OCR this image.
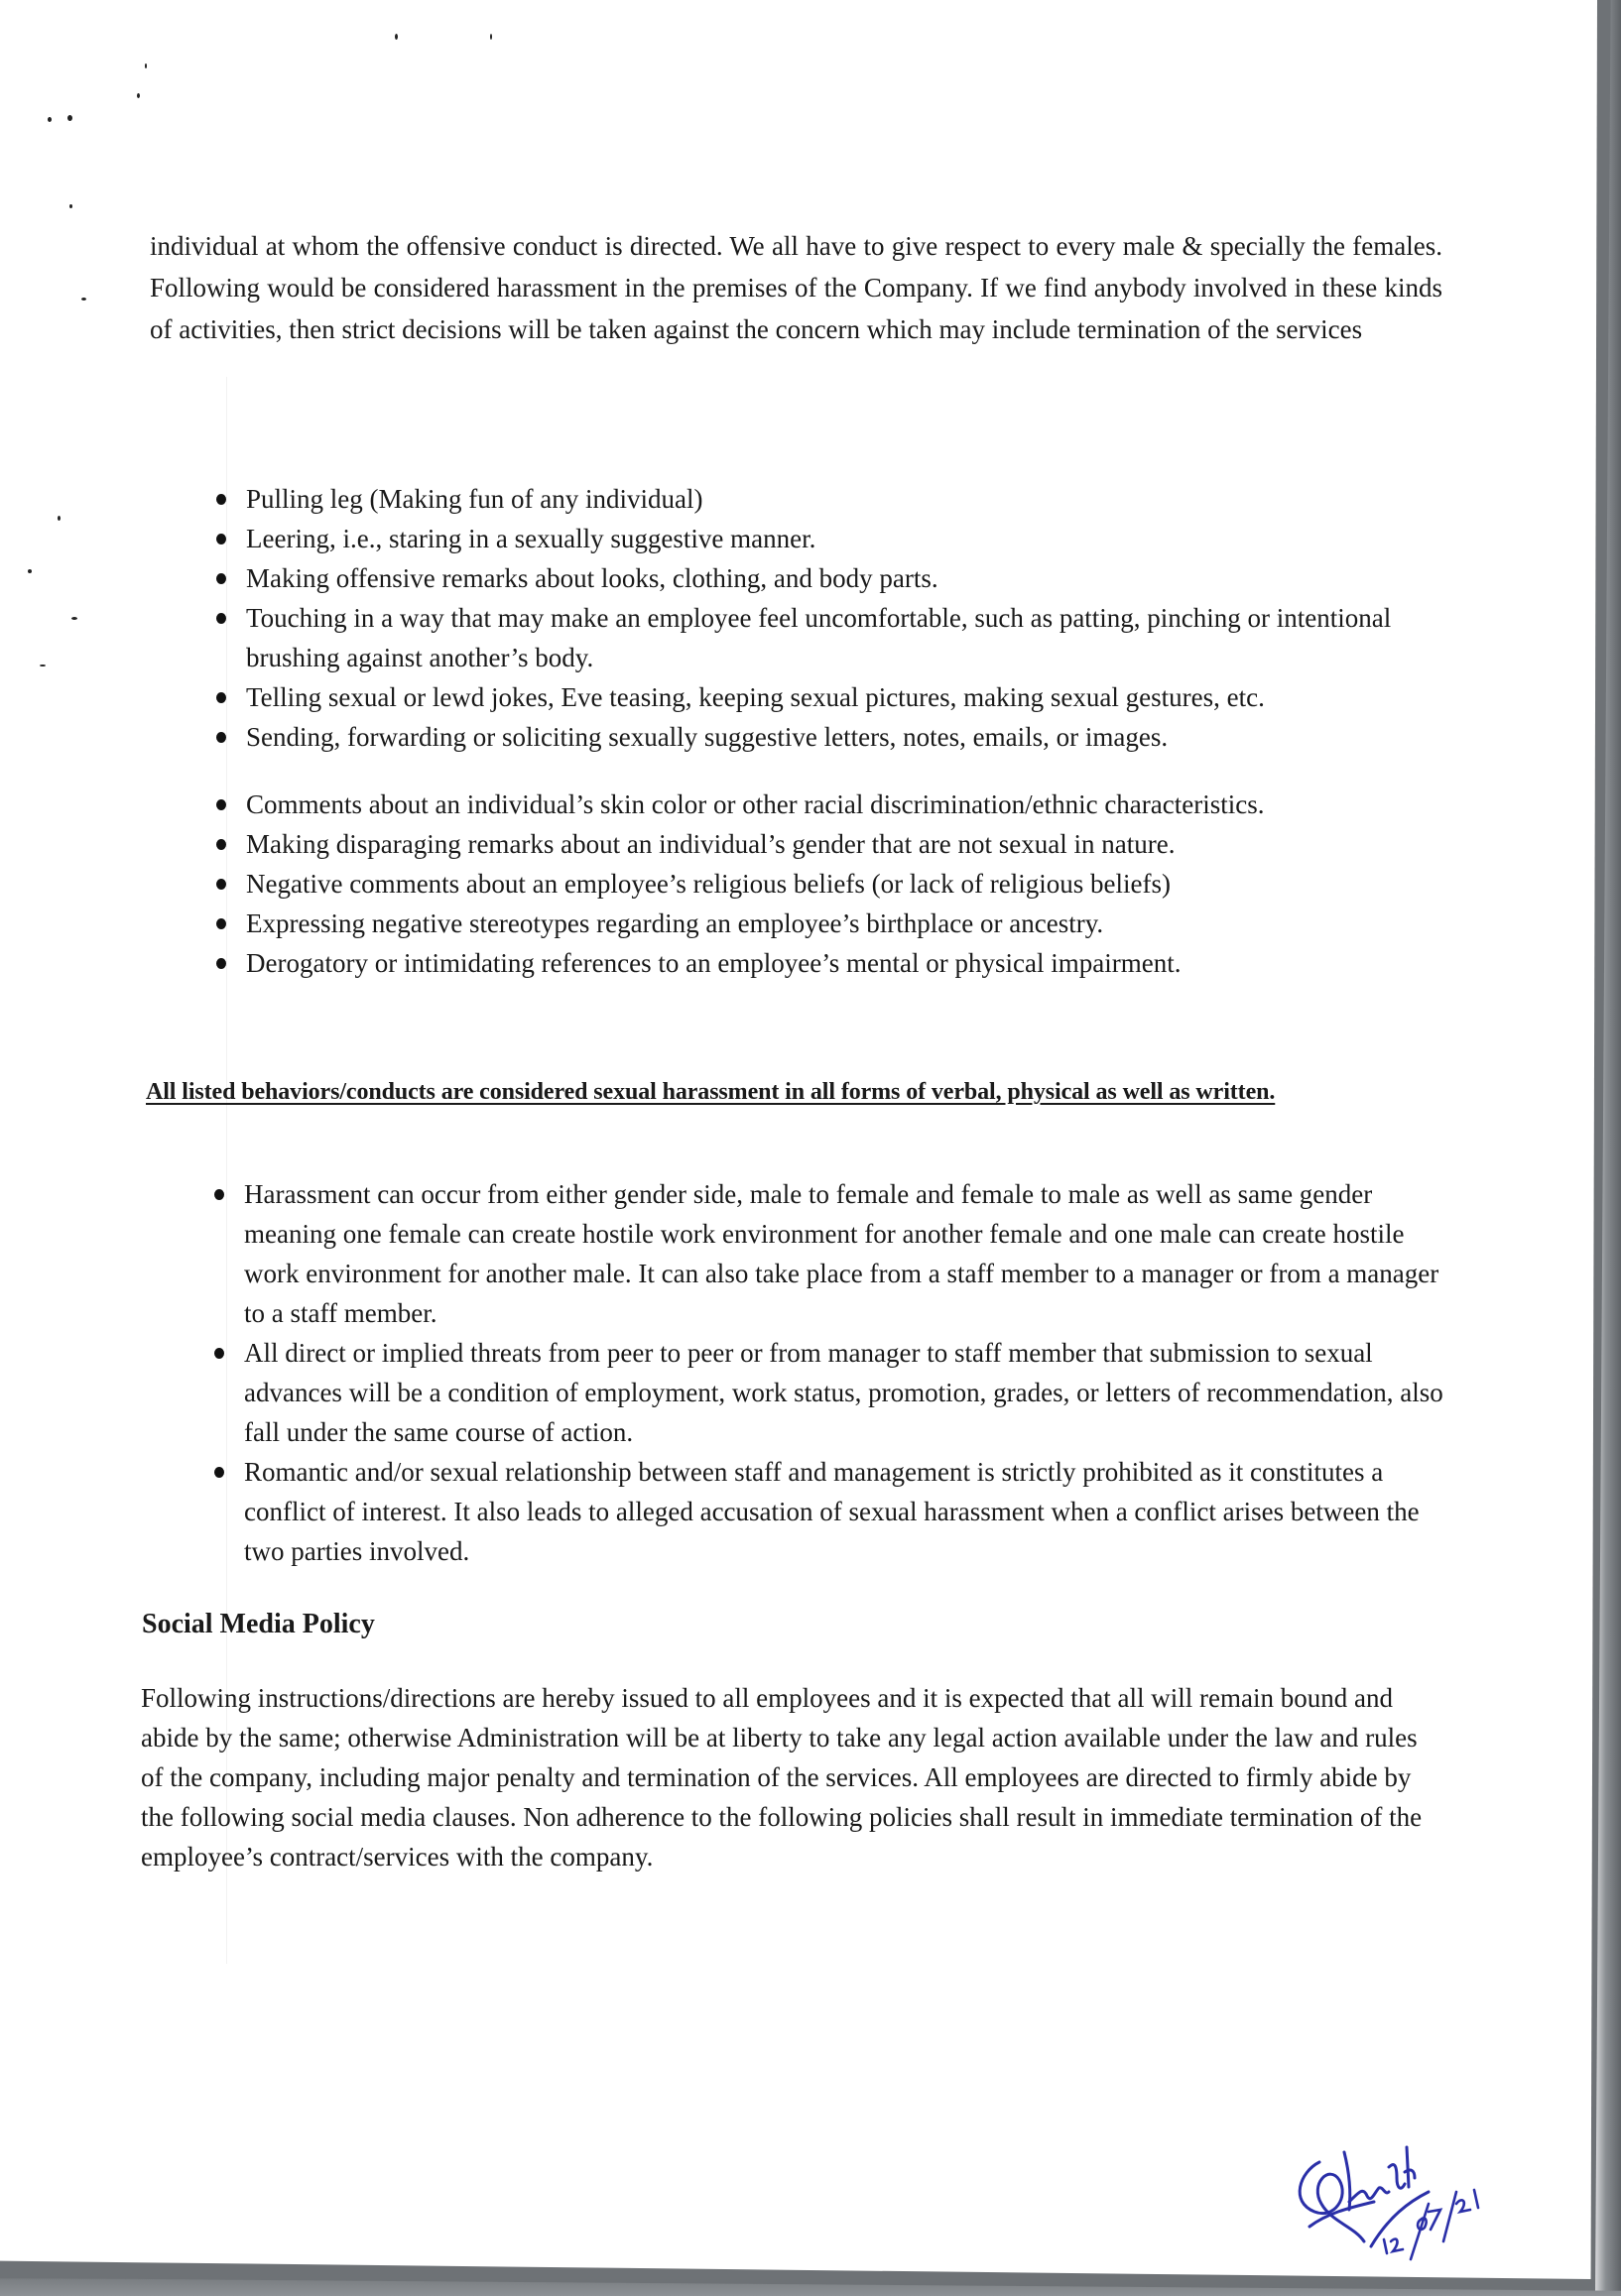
individual at whom the offensive conduct is directed. We all have to give respect to every male & specially the females. Following would be considered harassment in the premises of the Company. If we find anybody involved in these kinds of activities, then strict decisions will be taken against the concern which may include termination of the services

Pulling leg (Making fun of any individual)
Leering, i.e., staring in a sexually suggestive manner.
Making offensive remarks about looks, clothing, and body parts.
Touching in a way that may make an employee feel uncomfortable, such as patting, pinching or intentional brushing against another’s body.
Telling sexual or lewd jokes, Eve teasing, keeping sexual pictures, making sexual gestures, etc.
Sending, forwarding or soliciting sexually suggestive letters, notes, emails, or images.
Comments about an individual’s skin color or other racial discrimination/ethnic characteristics.
Making disparaging remarks about an individual’s gender that are not sexual in nature.
Negative comments about an employee’s religious beliefs (or lack of religious beliefs)
Expressing negative stereotypes regarding an employee’s birthplace or ancestry.
Derogatory or intimidating references to an employee’s mental or physical impairment.
All listed behaviors/conducts are considered sexual harassment in all forms of verbal, physical as well as written.
Harassment can occur from either gender side, male to female and female to male as well as same gender meaning one female can create hostile work environment for another female and one male can create hostile work environment for another male. It can also take place from a staff member to a manager or from a manager to a staff member.
All direct or implied threats from peer to peer or from manager to staff member that submission to sexual advances will be a condition of employment, work status, promotion, grades, or letters of recommendation, also fall under the same course of action.
Romantic and/or sexual relationship between staff and management is strictly prohibited as it constitutes a conflict of interest. It also leads to alleged accusation of sexual harassment when a conflict arises between the two parties involved.
Social Media Policy

Following instructions/directions are hereby issued to all employees and it is expected that all will remain bound and abide by the same; otherwise Administration will be at liberty to take any legal action available under the law and rules of the company, including major penalty and termination of the services. All employees are directed to firmly abide by the following social media clauses. Non adherence to the following policies shall result in immediate termination of the employee’s contract/services with the company.
